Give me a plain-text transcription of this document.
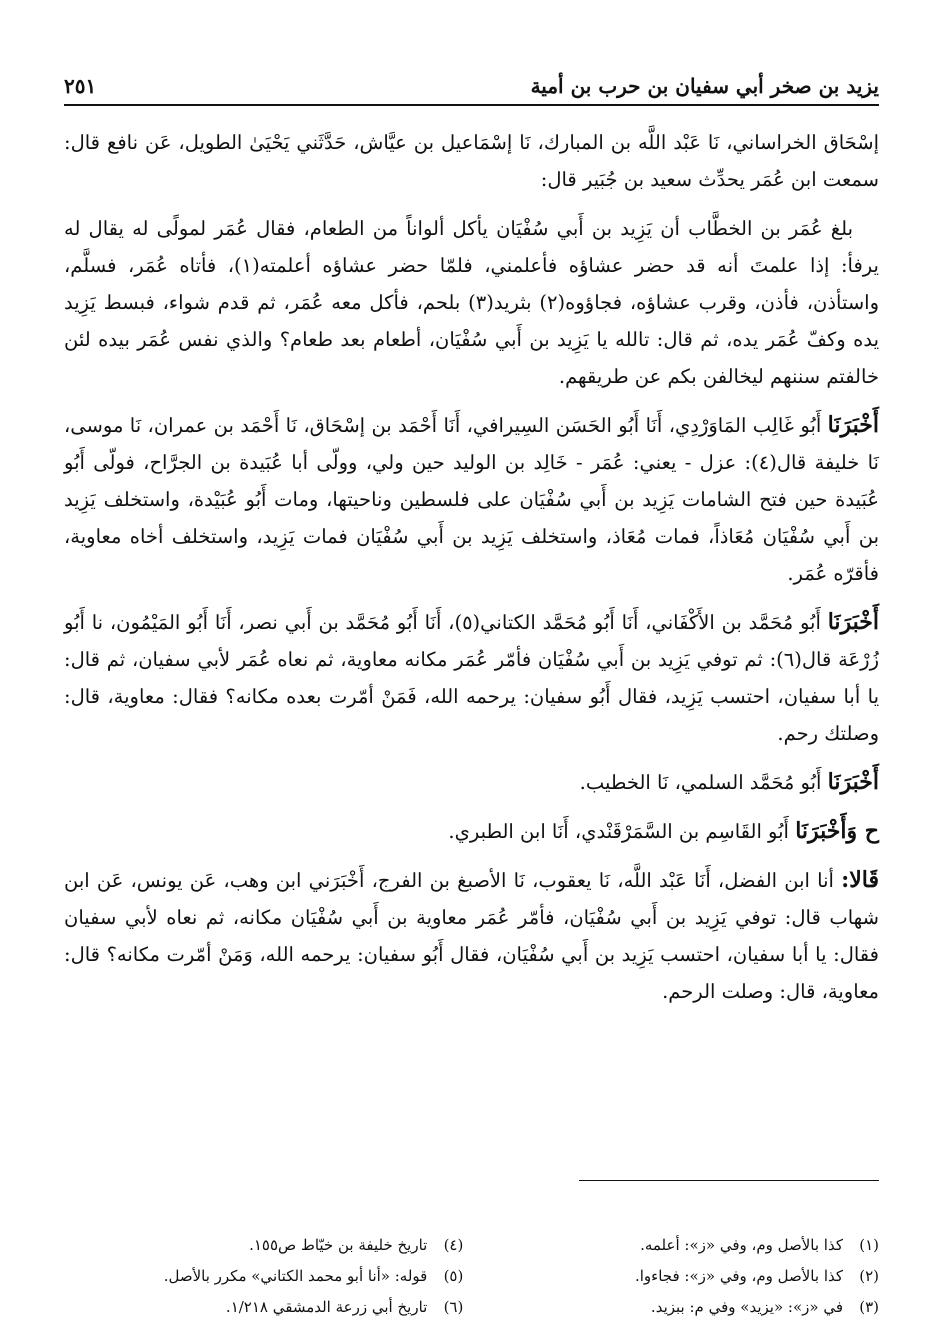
يزيد بن صخر أبي سفيان بن حرب بن أمية
٢٥١

إسْحَاق الخراساني، نَا عَبْد اللَّه بن المبارك، نَا إسْمَاعيل بن عيَّاش، حَدَّثَني يَحْيَىٰ الطويل، عَن نافع قال: سمعت ابن عُمَر يحدِّث سعيد بن جُبَير قال:

بلغ عُمَر بن الخطَّاب أن يَزِيد بن أَبي سُفْيَان يأكل ألواناً من الطعام، فقال عُمَر لمولًى له يقال له يرفأ: إذا علمتَ أنه قد حضر عشاؤه فأعلمني، فلمّا حضر عشاؤه أعلمته(١)، فأتاه عُمَر، فسلَّم، واستأذن، فأذن، وقرب عشاؤه، فجاؤوه(٢) بثريد(٣) بلحم، فأكل معه عُمَر، ثم قدم شواء، فبسط يَزِيد يده وكفّ عُمَر يده، ثم قال: تالله يا يَزِيد بن أَبي سُفْيَان، أطعام بعد طعام؟ والذي نفس عُمَر بيده لئن خالفتم سننهم ليخالفن بكم عن طريقهم.

أَخْبَرَنَا أَبُو غَالِب المَاوَرْدِي، أَنَا أَبُو الحَسَن السِيرافي، أَنَا أَحْمَد بن إسْحَاق، نَا أَحْمَد بن عمران، نَا موسى، نَا خليفة قال(٤): عزل - يعني: عُمَر - خَالِد بن الوليد حين ولي، وولّى أبا عُبَيدة بن الجرَّاح، فولّى أَبُو عُبَيدة حين فتح الشامات يَزِيد بن أَبي سُفْيَان على فلسطين وناحيتها، ومات أَبُو عُبَيْدة، واستخلف يَزِيد بن أَبي سُفْيَان مُعَاذاً، فمات مُعَاذ، واستخلف يَزِيد بن أَبي سُفْيَان فمات يَزِيد، واستخلف أخاه معاوية، فأقرّه عُمَر.

أَخْبَرَنَا أَبُو مُحَمَّد بن الأَكْفَاني، أَنَا أَبُو مُحَمَّد الكتاني(٥)، أَنَا أَبُو مُحَمَّد بن أَبي نصر، أَنَا أَبُو المَيْمُون، نا أَبُو زُرْعَة قال(٦): ثم توفي يَزِيد بن أَبي سُفْيَان فأمّر عُمَر مكانه معاوية، ثم نعاه عُمَر لأبي سفيان، ثم قال: يا أبا سفيان، احتسب يَزِيد، فقال أَبُو سفيان: يرحمه الله، فَمَنْ أمّرت بعده مكانه؟ فقال: معاوية، قال: وصلتك رحم.

أَخْبَرَنَا أَبُو مُحَمَّد السلمي، نَا الخطيب.

ح وَأَخْبَرَنَا أَبُو القَاسِم بن السَّمَرْقَنْدي، أَنَا ابن الطبري.

قَالا: أنا ابن الفضل، أَنَا عَبْد اللَّه، نَا يعقوب، نَا الأصبغ بن الفرج، أَخْبَرَني ابن وهب، عَن يونس، عَن ابن شهاب قال: توفي يَزِيد بن أَبي سُفْيَان، فأمّر عُمَر معاوية بن أَبي سُفْيَان مكانه، ثم نعاه لأبي سفيان فقال: يا أبا سفيان، احتسب يَزِيد بن أَبي سُفْيَان، فقال أَبُو سفيان: يرحمه الله، وَمَنْ أمّرت مكانه؟ قال: معاوية، قال: وصلت الرحم.

(١)
كذا بالأصل وم، وفي «ز»: أعلمه.
(٢)
كذا بالأصل وم، وفي «ز»: فجاءوا.
(٣)
في «ز»: «يزيد» وفي م: ببزيد.
(٤)
تاريخ خليفة بن خيّاط ص١٥٥.
(٥)
قوله: «أنا أبو محمد الكتاني» مكرر بالأصل.
(٦)
تاريخ أبي زرعة الدمشقي ١/٢١٨.
